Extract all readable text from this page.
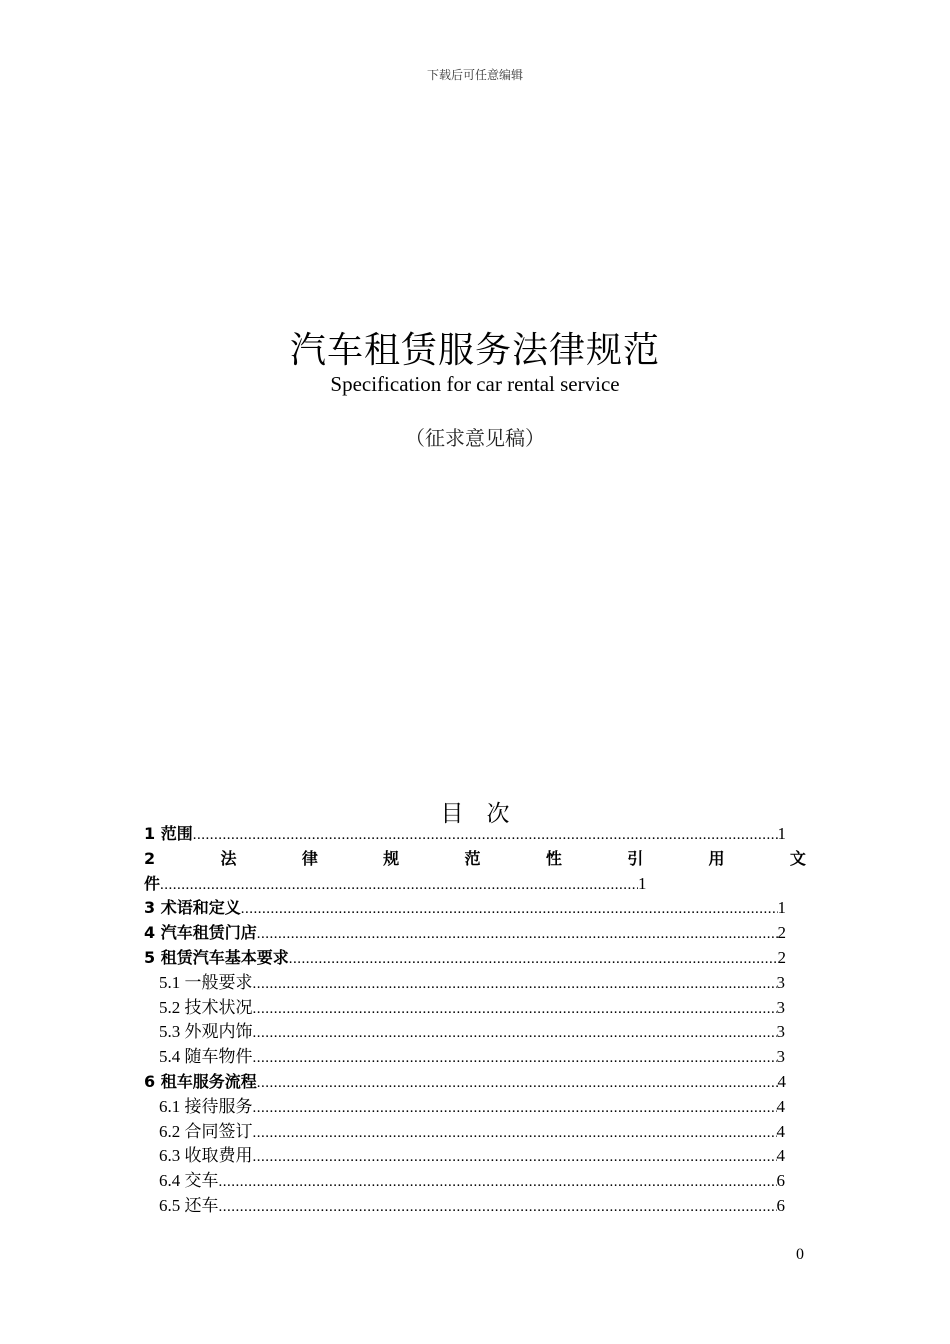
下载后可任意编辑
汽车租赁服务法律规范
Specification for car rental service
（征求意见稿）
目　次
1 范围 .....	1
2	法	律	规	范	性	引	用	文
件 .....	1
3 术语和定义 .....	1
4 汽车租赁门店 .....	2
5 租赁汽车基本要求 .....	2
5.1 一般要求 .....	3
5.2 技术状况 .....	3
5.3 外观内饰 .....	3
5.4 随车物件 .....	3
6 租车服务流程 .....	4
6.1 接待服务 .....	4
6.2 合同签订 .....	4
6.3 收取费用 .....	4
6.4 交车 .....	6
6.5 还车 .....	6
0
